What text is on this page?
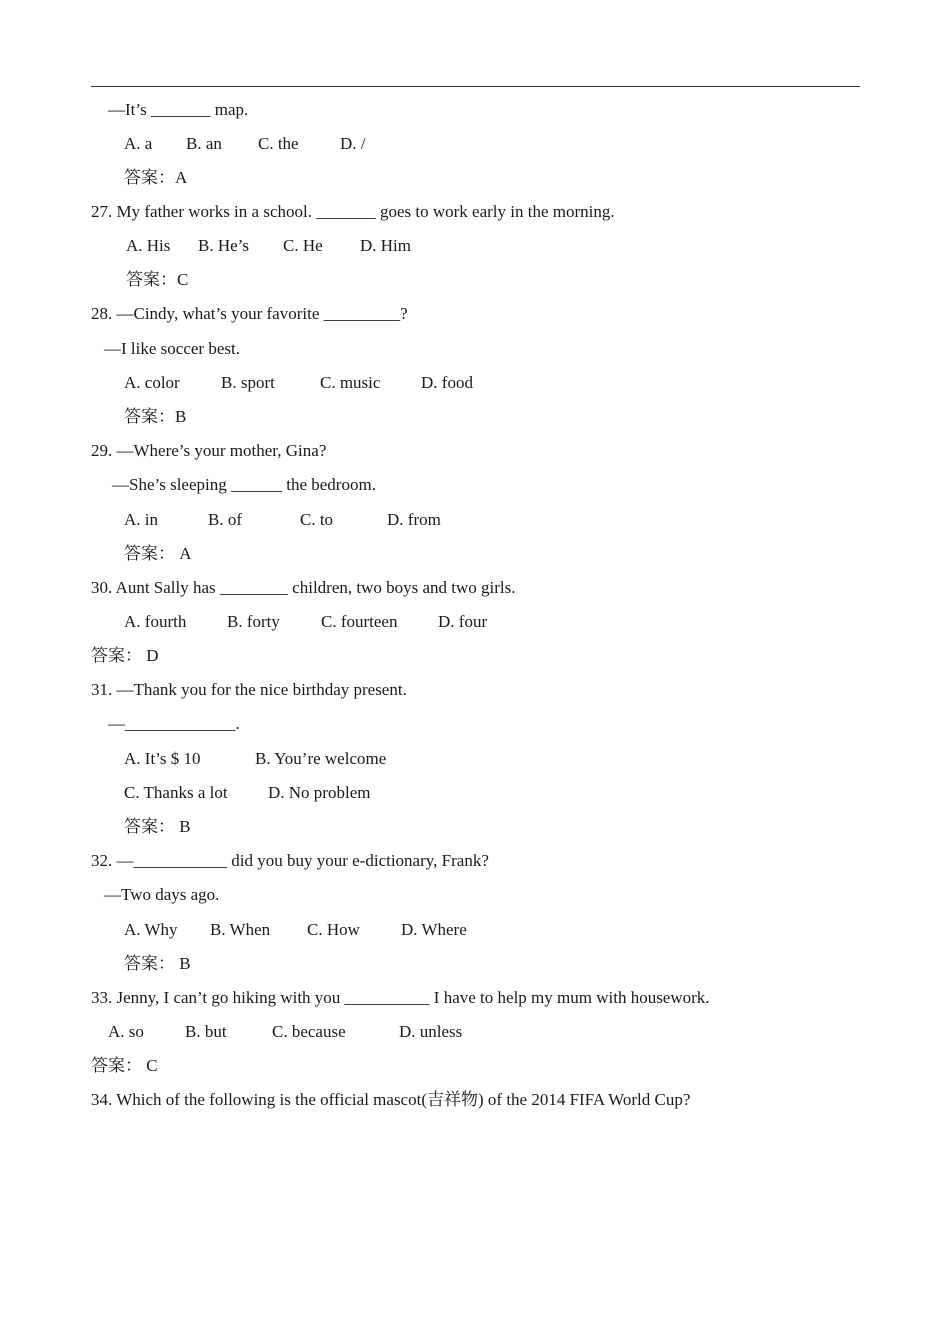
—It’s _______ map.
A. a B. an C. the D. /
答案：A
27. My father works in a school. _______ goes to work early in the morning.
A. His B. He’s C. He D. Him
答案：C
28. —Cindy, what’s your favorite _________?
—I like soccer best.
A. color B. sport	C. music D. food
答案：B
29. —Where’s your mother, Gina?
—She’s sleeping ______ the bedroom.
A. in	B. of	C. to	D. from
答案： A
30. Aunt Sally has ________ children, two boys and two girls.
A. fourth B. forty C. fourteen D. four
答案： D
31. —Thank you for the nice birthday present.
—_____________.
A. It’s $ 10	B. You’re welcome
C. Thanks a lot D. No problem
答案： B
32. —___________ did you buy your e-dictionary, Frank?
—Two days ago.
A. Why B. When C. How D. Where
答案： B
33. Jenny, I can’t go hiking with you __________ I have to help my mum with housework.
A. so B. but	C. because	D. unless
答案： C
34. Which of the following is the official mascot(吉祥物) of the 2014 FIFA World Cup?
